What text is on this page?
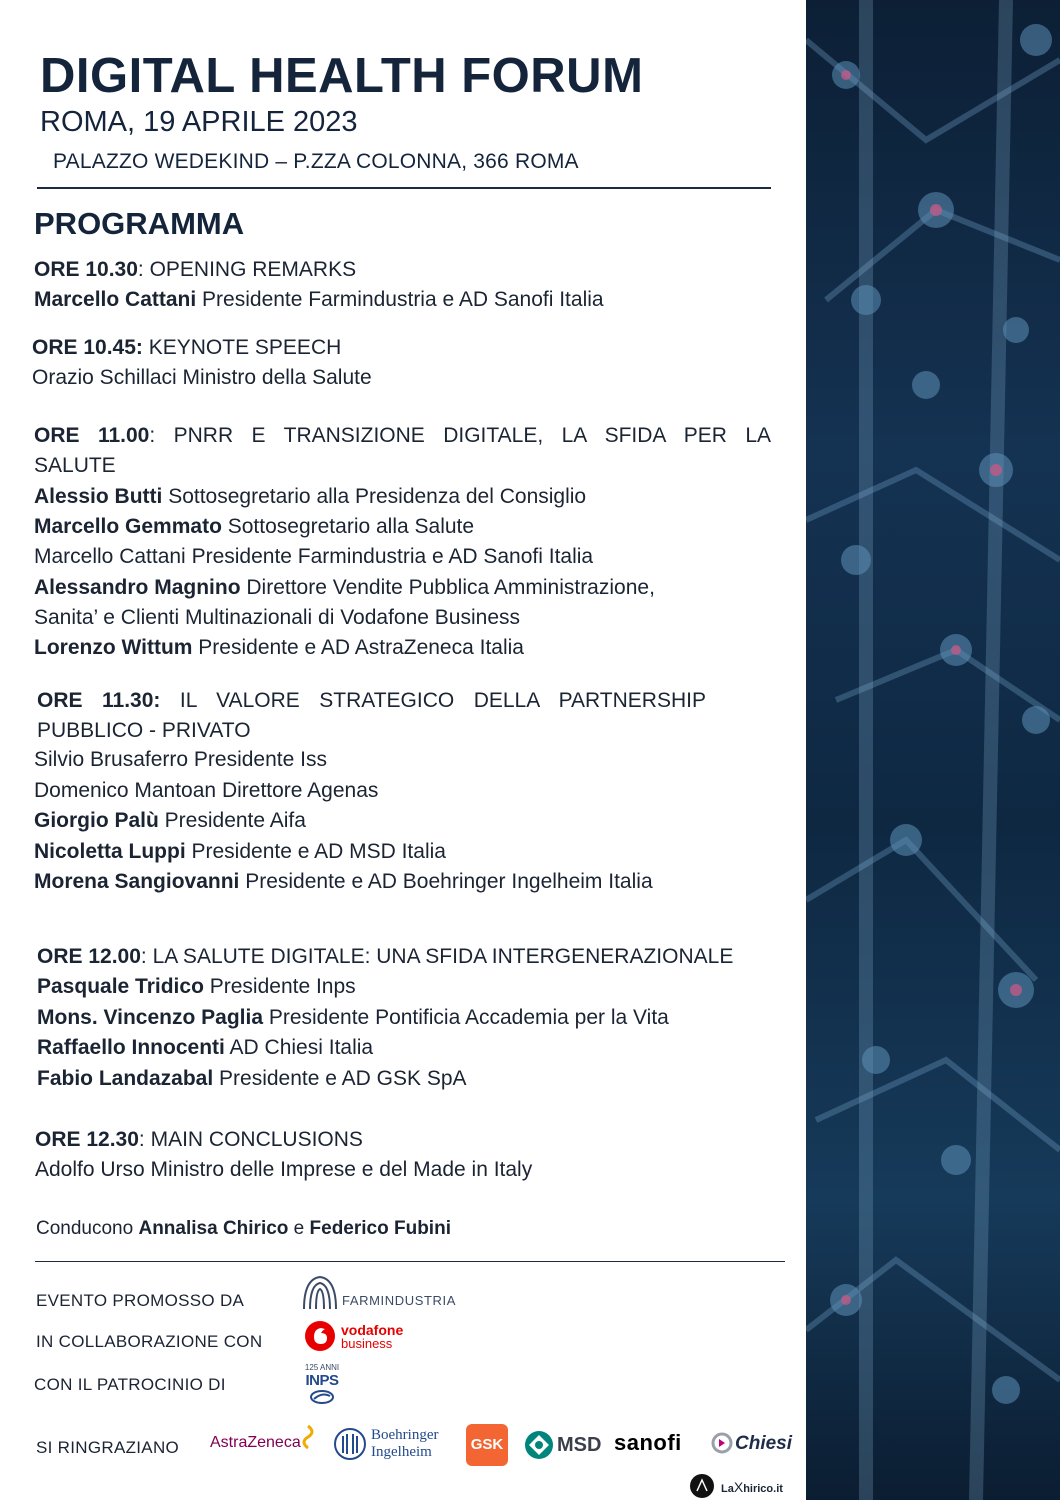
DIGITAL HEALTH FORUM
ROMA, 19 APRILE 2023
PALAZZO WEDEKIND – P.ZZA COLONNA, 366 ROMA
PROGRAMMA
ORE 10.30: OPENING REMARKS
Marcello Cattani Presidente Farmindustria e AD Sanofi Italia
ORE 10.45: KEYNOTE SPEECH
Orazio Schillaci Ministro della Salute
ORE 11.00: PNRR E TRANSIZIONE DIGITALE, LA SFIDA PER LA
SALUTE
Alessio Butti Sottosegretario alla Presidenza del Consiglio
Marcello Gemmato Sottosegretario alla Salute
Marcello Cattani Presidente Farmindustria e AD Sanofi Italia
Alessandro Magnino Direttore Vendite Pubblica Amministrazione,
Sanita’ e Clienti Multinazionali di Vodafone Business
Lorenzo Wittum Presidente e AD AstraZeneca Italia
ORE 11.30: IL VALORE STRATEGICO DELLA PARTNERSHIP
PUBBLICO - PRIVATO
Silvio Brusaferro Presidente Iss
Domenico Mantoan Direttore Agenas
Giorgio Palù Presidente Aifa
Nicoletta Luppi Presidente e AD MSD Italia
Morena Sangiovanni Presidente e AD Boehringer Ingelheim Italia
ORE 12.00: LA SALUTE DIGITALE: UNA SFIDA INTERGENERAZIONALE
Pasquale Tridico Presidente Inps
Mons. Vincenzo Paglia Presidente Pontificia Accademia per la Vita
Raffaello Innocenti AD Chiesi Italia
Fabio Landazabal Presidente e AD GSK SpA
ORE 12.30: MAIN CONCLUSIONS
Adolfo Urso Ministro delle Imprese e del Made in Italy
Conducono Annalisa Chirico e Federico Fubini
EVENTO PROMOSSO DA	FARMINDUSTRIA
IN COLLABORAZIONE CON
vodafone
business
CON IL PATROCINIO DI
125 ANNI
INPS
SI RINGRAZIANO AstraZeneca	Boehringer
Ingelheim	GSK	MSD sanofi	Chiesi
LaXhirico.it
